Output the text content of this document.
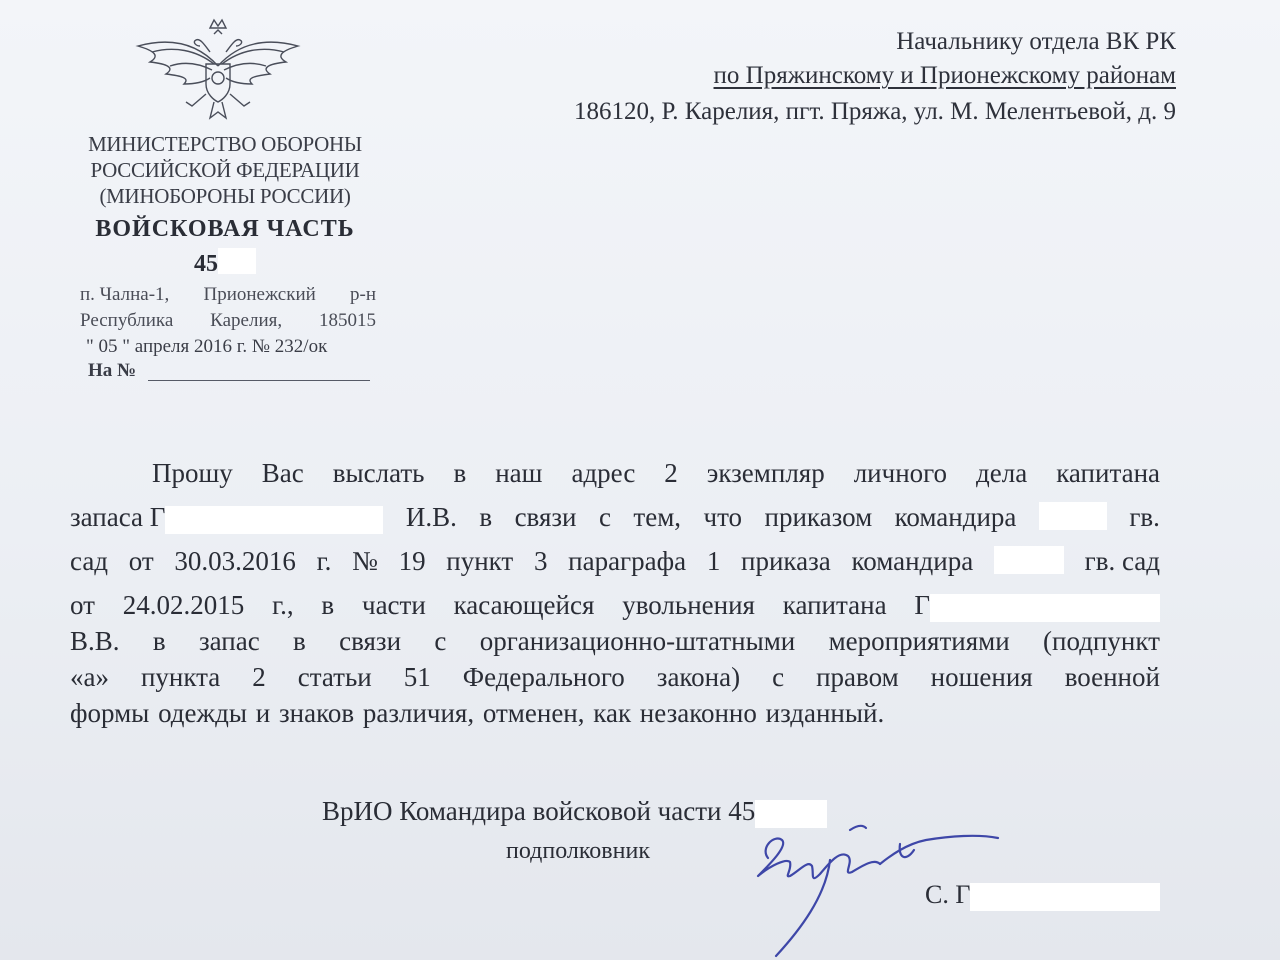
МИНИСТЕРСТВО ОБОРОНЫ
РОССИЙСКОЙ ФЕДЕРАЦИИ
(МИНОБОРОНЫ РОССИИ)
ВОЙСКОВАЯ ЧАСТЬ
45
п. Чална-1, Прионежский р-н
Республика Карелия, 185015
" 05 " апреля 2016 г. № 232/ок
На №
Начальнику отдела ВК РК
по Пряжинскому и Прионежскому районам
186120, Р. Карелия, пгт. Пряжа, ул. М. Мелентьевой, д. 9
Прошу Вас выслать в наш адрес 2 экземпляр личного дела капитана
запаса Г	И.В. в связи с тем, что приказом командира	гв.
сад от 30.03.2016 г. № 19 пункт 3 параграфа 1 приказа командира	гв. сад
от 24.02.2015 г., в части касающейся увольнения капитана Г
В.В. в запас в связи с организационно-штатными мероприятиями (подпункт
«а» пункта 2 статьи 51 Федерального закона) с правом ношения военной
формы одежды и знаков различия, отменен, как незаконно изданный.
ВрИО Командира войсковой части 45
подполковник
С. Г
